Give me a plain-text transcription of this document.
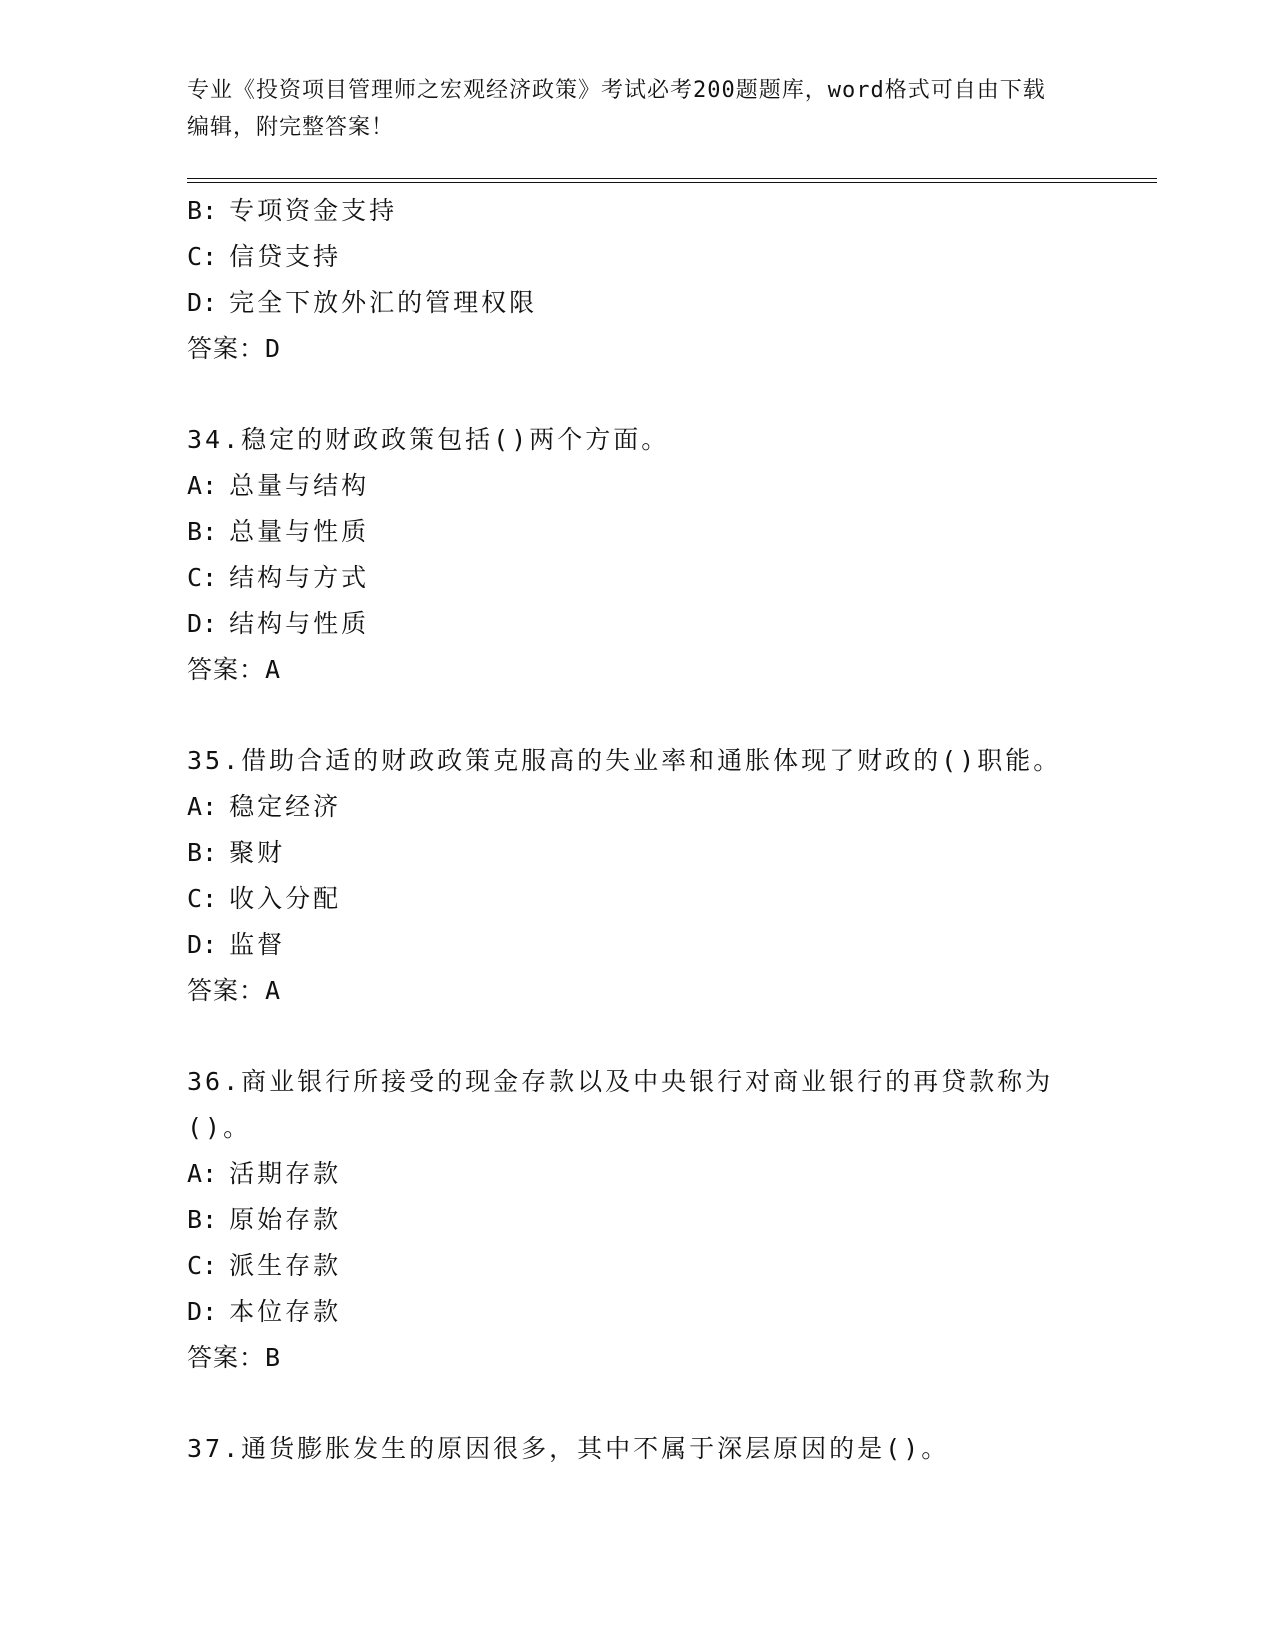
专业《投资项目管理师之宏观经济政策》考试必考200题题库，word格式可自由下载编辑，附完整答案！
B: 专项资金支持
C: 信贷支持
D: 完全下放外汇的管理权限
答案：D
34.稳定的财政政策包括()两个方面。
A: 总量与结构
B: 总量与性质
C: 结构与方式
D: 结构与性质
答案：A
35.借助合适的财政政策克服高的失业率和通胀体现了财政的()职能。
A: 稳定经济
B: 聚财
C: 收入分配
D: 监督
答案：A
36.商业银行所接受的现金存款以及中央银行对商业银行的再贷款称为()。
A: 活期存款
B: 原始存款
C: 派生存款
D: 本位存款
答案：B
37.通货膨胀发生的原因很多，其中不属于深层原因的是()。
